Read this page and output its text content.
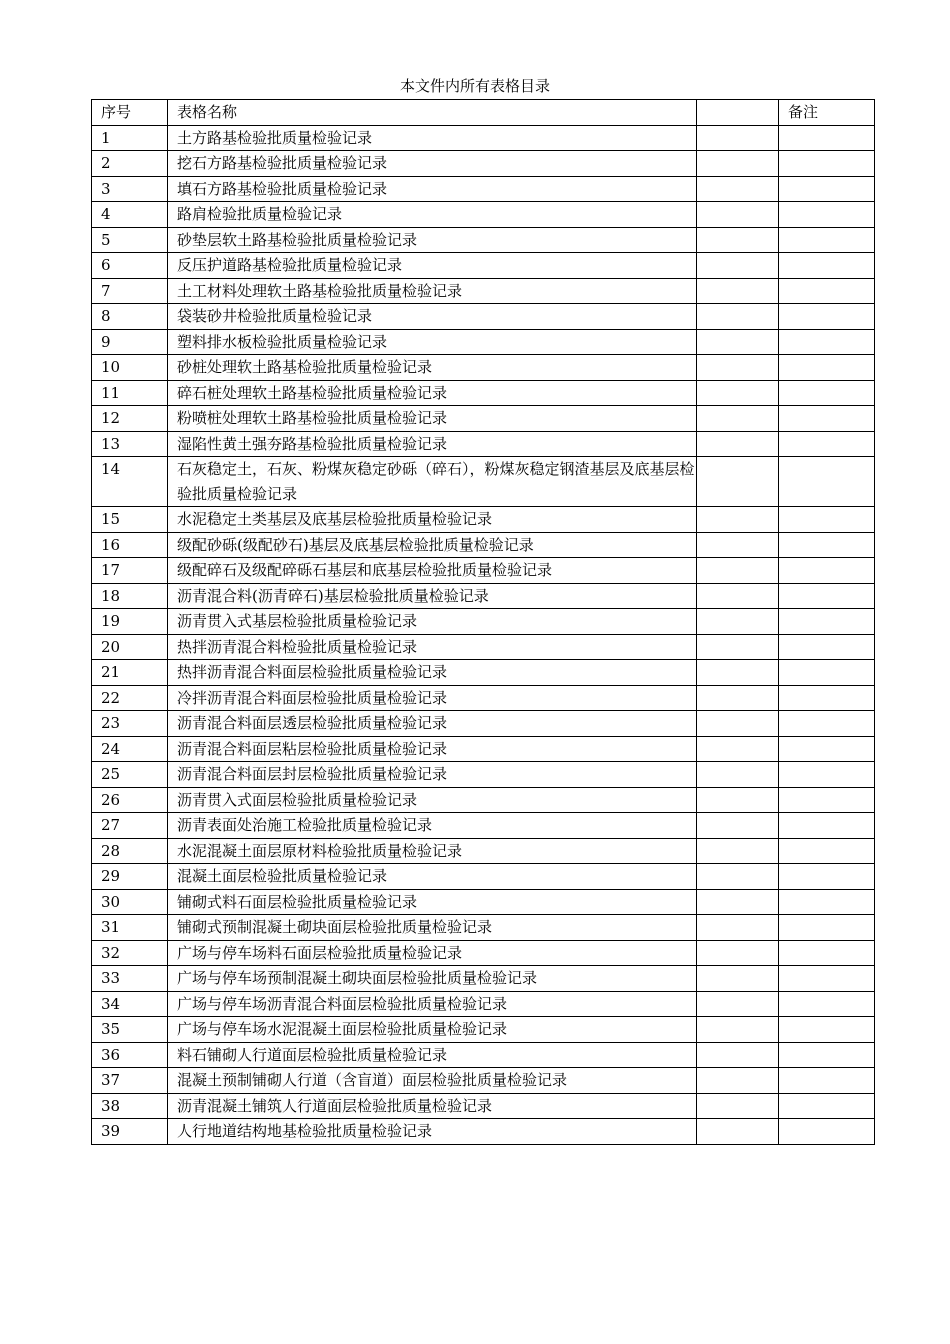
本文件内所有表格目录
序号	表格名称		备注
1	土方路基检验批质量检验记录		
2	挖石方路基检验批质量检验记录		
3	填石方路基检验批质量检验记录		
4	路肩检验批质量检验记录		
5	砂垫层软土路基检验批质量检验记录		
6	反压护道路基检验批质量检验记录		
7	土工材料处理软土路基检验批质量检验记录		
8	袋装砂井检验批质量检验记录		
9	塑料排水板检验批质量检验记录		
10	砂桩处理软土路基检验批质量检验记录		
11	碎石桩处理软土路基检验批质量检验记录		
12	粉喷桩处理软土路基检验批质量检验记录		
13	湿陷性黄土强夯路基检验批质量检验记录		
14	石灰稳定土，石灰、粉煤灰稳定砂砾（碎石），粉煤灰稳定钢渣基层及底基层检验批质量检验记录		
15	水泥稳定土类基层及底基层检验批质量检验记录		
16	级配砂砾(级配砂石)基层及底基层检验批质量检验记录		
17	级配碎石及级配碎砾石基层和底基层检验批质量检验记录		
18	沥青混合料(沥青碎石)基层检验批质量检验记录		
19	沥青贯入式基层检验批质量检验记录		
20	热拌沥青混合料检验批质量检验记录		
21	热拌沥青混合料面层检验批质量检验记录		
22	冷拌沥青混合料面层检验批质量检验记录		
23	沥青混合料面层透层检验批质量检验记录		
24	沥青混合料面层粘层检验批质量检验记录		
25	沥青混合料面层封层检验批质量检验记录		
26	沥青贯入式面层检验批质量检验记录		
27	沥青表面处治施工检验批质量检验记录		
28	水泥混凝土面层原材料检验批质量检验记录		
29	混凝土面层检验批质量检验记录		
30	铺砌式料石面层检验批质量检验记录		
31	铺砌式预制混凝土砌块面层检验批质量检验记录		
32	广场与停车场料石面层检验批质量检验记录		
33	广场与停车场预制混凝土砌块面层检验批质量检验记录		
34	广场与停车场沥青混合料面层检验批质量检验记录		
35	广场与停车场水泥混凝土面层检验批质量检验记录		
36	料石铺砌人行道面层检验批质量检验记录		
37	混凝土预制铺砌人行道（含盲道）面层检验批质量检验记录		
38	沥青混凝土铺筑人行道面层检验批质量检验记录		
39	人行地道结构地基检验批质量检验记录		
